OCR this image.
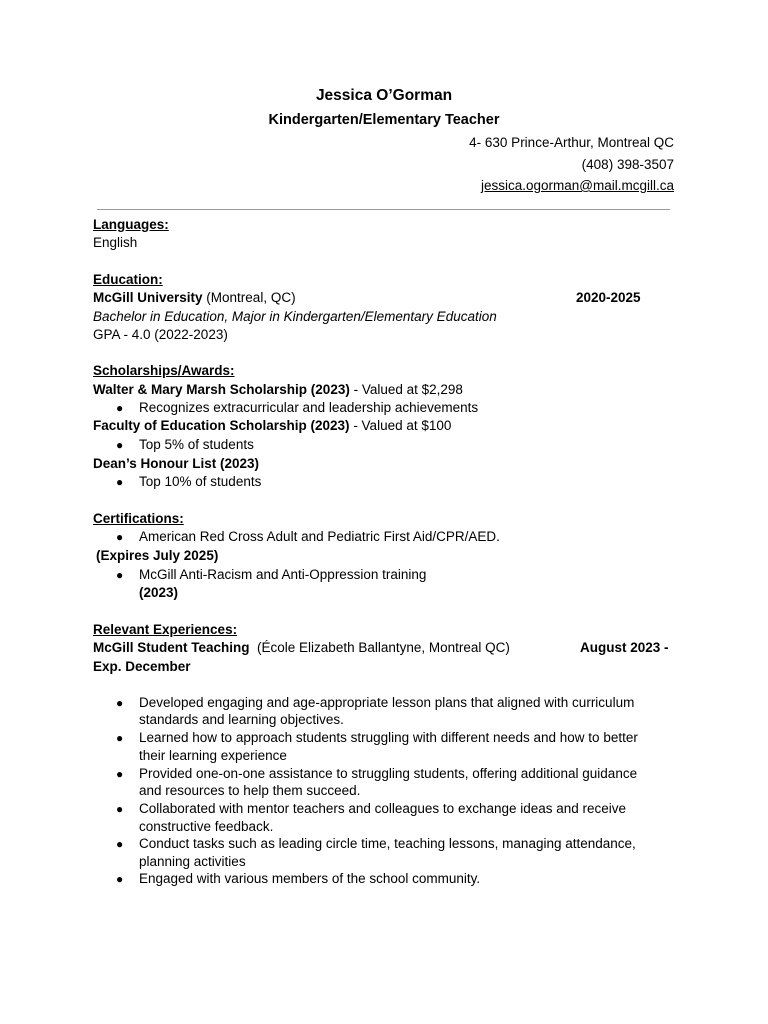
Jessica O’Gorman
Kindergarten/Elementary Teacher
4- 630 Prince-Arthur, Montreal QC
(408) 398-3507
jessica.ogorman@mail.mcgill.ca
Languages:
English
Education:
McGill University (Montreal, QC)	2020-2025
Bachelor in Education, Major in Kindergarten/Elementary Education
GPA - 4.0 (2022-2023)
Scholarships/Awards:
Walter & Mary Marsh Scholarship (2023) - Valued at $2,298
● Recognizes extracurricular and leadership achievements
Faculty of Education Scholarship (2023) - Valued at $100
● Top 5% of students
Dean’s Honour List (2023)
● Top 10% of students
Certifications:
● American Red Cross Adult and Pediatric First Aid/CPR/AED.
(Expires July 2025)
● McGill Anti-Racism and Anti-Oppression training
(2023)
Relevant Experiences:
McGill Student Teaching (École Elizabeth Ballantyne, Montreal QC)	August 2023 -
Exp. December
● Developed engaging and age-appropriate lesson plans that aligned with curriculum
standards and learning objectives.
● Learned how to approach students struggling with different needs and how to better
their learning experience
● Provided one-on-one assistance to struggling students, offering additional guidance
and resources to help them succeed.
● Collaborated with mentor teachers and colleagues to exchange ideas and receive
constructive feedback.
● Conduct tasks such as leading circle time, teaching lessons, managing attendance,
planning activities
● Engaged with various members of the school community.
